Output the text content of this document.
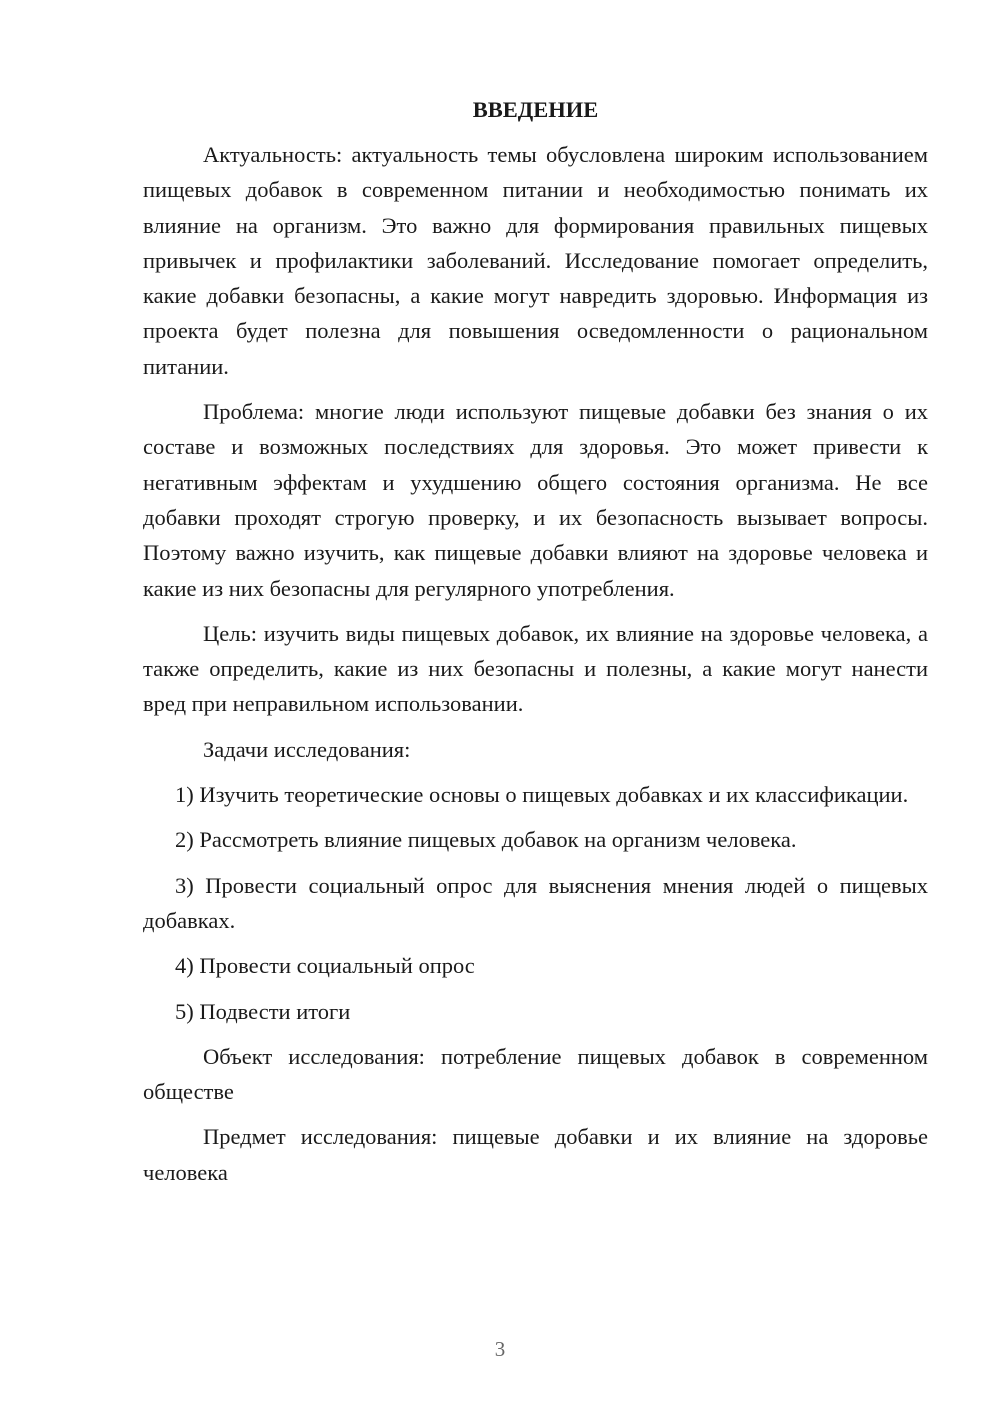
ВВЕДЕНИЕ

Актуальность: актуальность темы обусловлена широким использованием пищевых добавок в современном питании и необходимостью понимать их влияние на организм. Это важно для формирования правильных пищевых привычек и профилактики заболеваний. Исследование помогает определить, какие добавки безопасны, а какие могут навредить здоровью. Информация из проекта будет полезна для повышения осведомленности о рациональном питании.

Проблема: многие люди используют пищевые добавки без знания о их составе и возможных последствиях для здоровья. Это может привести к негативным эффектам и ухудшению общего состояния организма. Не все добавки проходят строгую проверку, и их безопасность вызывает вопросы. Поэтому важно изучить, как пищевые добавки влияют на здоровье человека и какие из них безопасны для регулярного употребления.

Цель: изучить виды пищевых добавок, их влияние на здоровье человека, а также определить, какие из них безопасны и полезны, а какие могут нанести вред при неправильном использовании.

Задачи исследования:

1) Изучить теоретические основы о пищевых добавках и их классификации.

2) Рассмотреть влияние пищевых добавок на организм человека.

3) Провести социальный опрос для выяснения мнения людей о пищевых добавках.

4) Провести социальный опрос

5) Подвести итоги

Объект исследования: потребление пищевых добавок в современном обществе

Предмет исследования: пищевые добавки и их влияние на здоровье человека

3
